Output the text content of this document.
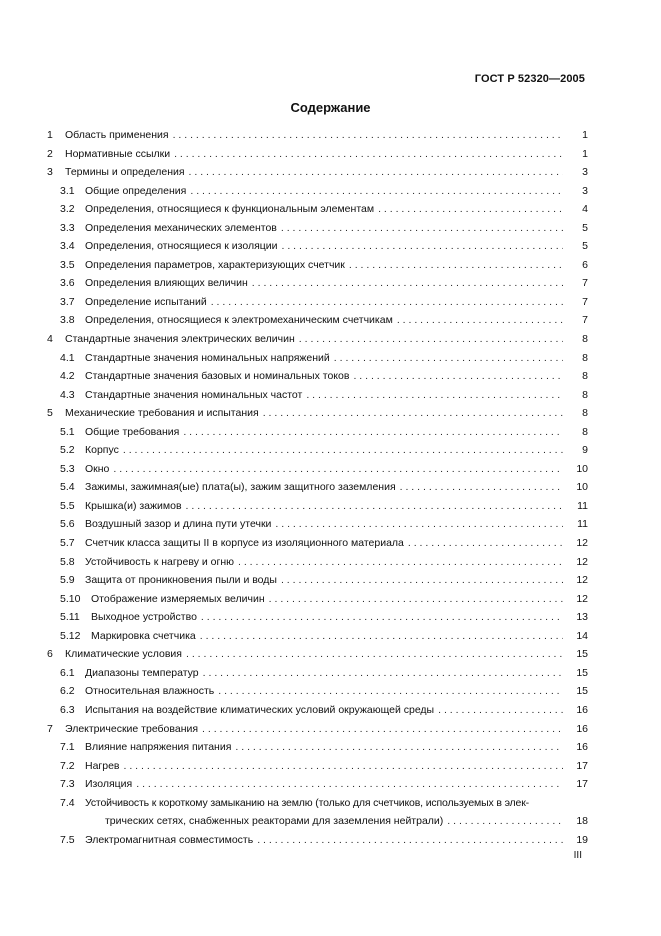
ГОСТ Р 52320—2005
Содержание
1	Область применения . . .	1
2	Нормативные ссылки . . .	1
3	Термины и определения . . .	3
3.1 Общие определения . . .	3
3.2 Определения, относящиеся к функциональным элементам . . .	4
3.3 Определения механических элементов . . .	5
3.4 Определения, относящиеся к изоляции . . .	5
3.5 Определения параметров, характеризующих счетчик . . .	6
3.6 Определения влияющих величин . . .	7
3.7 Определение испытаний . . .	7
3.8 Определения, относящиеся к электромеханическим счетчикам . . .	7
4	Стандартные значения электрических величин . . .	8
4.1 Стандартные значения номинальных напряжений . . .	8
4.2 Стандартные значения базовых и номинальных токов . . .	8
4.3 Стандартные значения номинальных частот . . .	8
5	Механические требования и испытания . . .	8
5.1 Общие требования . . .	8
5.2 Корпус . . .	9
5.3 Окно . . .	10
5.4 Зажимы, зажимная(ые) плата(ы), зажим защитного заземления . . .	10
5.5 Крышка(и) зажимов . . .	11
5.6 Воздушный зазор и длина пути утечки . . .	11
5.7 Счетчик класса защиты II в корпусе из изоляционного материала . . .	12
5.8 Устойчивость к нагреву и огню . . .	12
5.9 Защита от проникновения пыли и воды . . .	12
5.10	Отображение измеряемых величин . . .	12
5.11	Выходное устройство . . .	13
5.12	Маркировка счетчика . . .	14
6	Климатические условия . . .	15
6.1 Диапазоны температур . . .	15
6.2 Относительная влажность . . .	15
6.3 Испытания на воздействие климатических условий окружающей среды . . .	16
7	Электрические требования . . .	16
7.1 Влияние напряжения питания . . .	16
7.2 Нагрев . . .	17
7.3 Изоляция . . .	17
7.4 Устойчивость к короткому замыканию на землю (только для счетчиков, используемых в элек-
трических сетях, снабженных реакторами для заземления нейтрали) . . .	18
7.5 Электромагнитная совместимость . . .	19
III
